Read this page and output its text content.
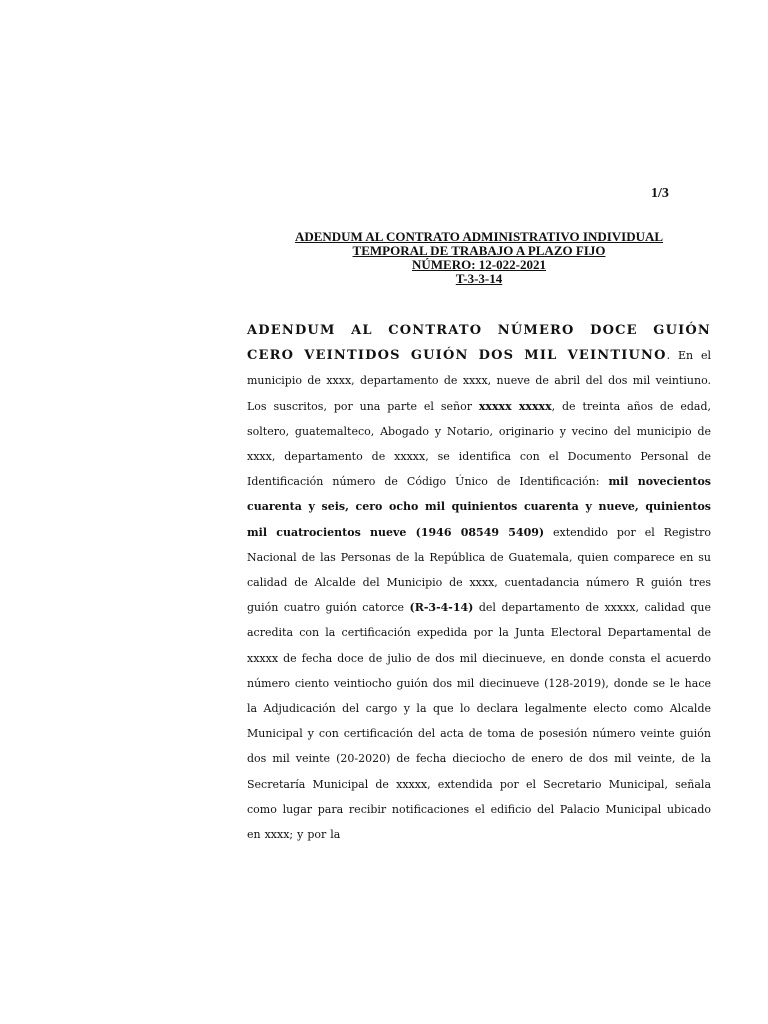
1/3
ADENDUM AL CONTRATO ADMINISTRATIVO INDIVIDUAL
TEMPORAL DE TRABAJO A PLAZO FIJO
NÚMERO: 12-022-2021
T-3-3-14
ADENDUM AL CONTRATO NÚMERO DOCE GUIÓN CERO VEINTIDOS GUIÓN DOS MIL VEINTIUNO. En el municipio de xxxx, departamento de xxxx, nueve de abril del dos mil veintiuno. Los suscritos, por una parte el señor xxxxx xxxxx, de treinta años de edad, soltero, guatemalteco, Abogado y Notario, originario y vecino del municipio de xxxx, departamento de xxxxx, se identifica con el Documento Personal de Identificación número de Código Único de Identificación: mil novecientos cuarenta y seis, cero ocho mil quinientos cuarenta y nueve, quinientos mil cuatrocientos nueve (1946 08549 5409) extendido por el Registro Nacional de las Personas de la República de Guatemala, quien comparece en su calidad de Alcalde del Municipio de xxxx, cuentadancia número R guión tres guión cuatro guión catorce (R-3-4-14) del departamento de xxxxx, calidad que acredita con la certificación expedida por la Junta Electoral Departamental de xxxxx de fecha doce de julio de dos mil diecinueve, en donde consta el acuerdo número ciento veintiocho guión dos mil diecinueve (128-2019), donde se le hace la Adjudicación del cargo y la que lo declara legalmente electo como Alcalde Municipal y con certificación del acta de toma de posesión número veinte guión dos mil veinte (20-2020) de fecha dieciocho de enero de dos mil veinte, de la Secretaría Municipal de xxxxx, extendida por el Secretario Municipal, señala como lugar para recibir notificaciones el edificio del Palacio Municipal ubicado en xxxx; y por la
